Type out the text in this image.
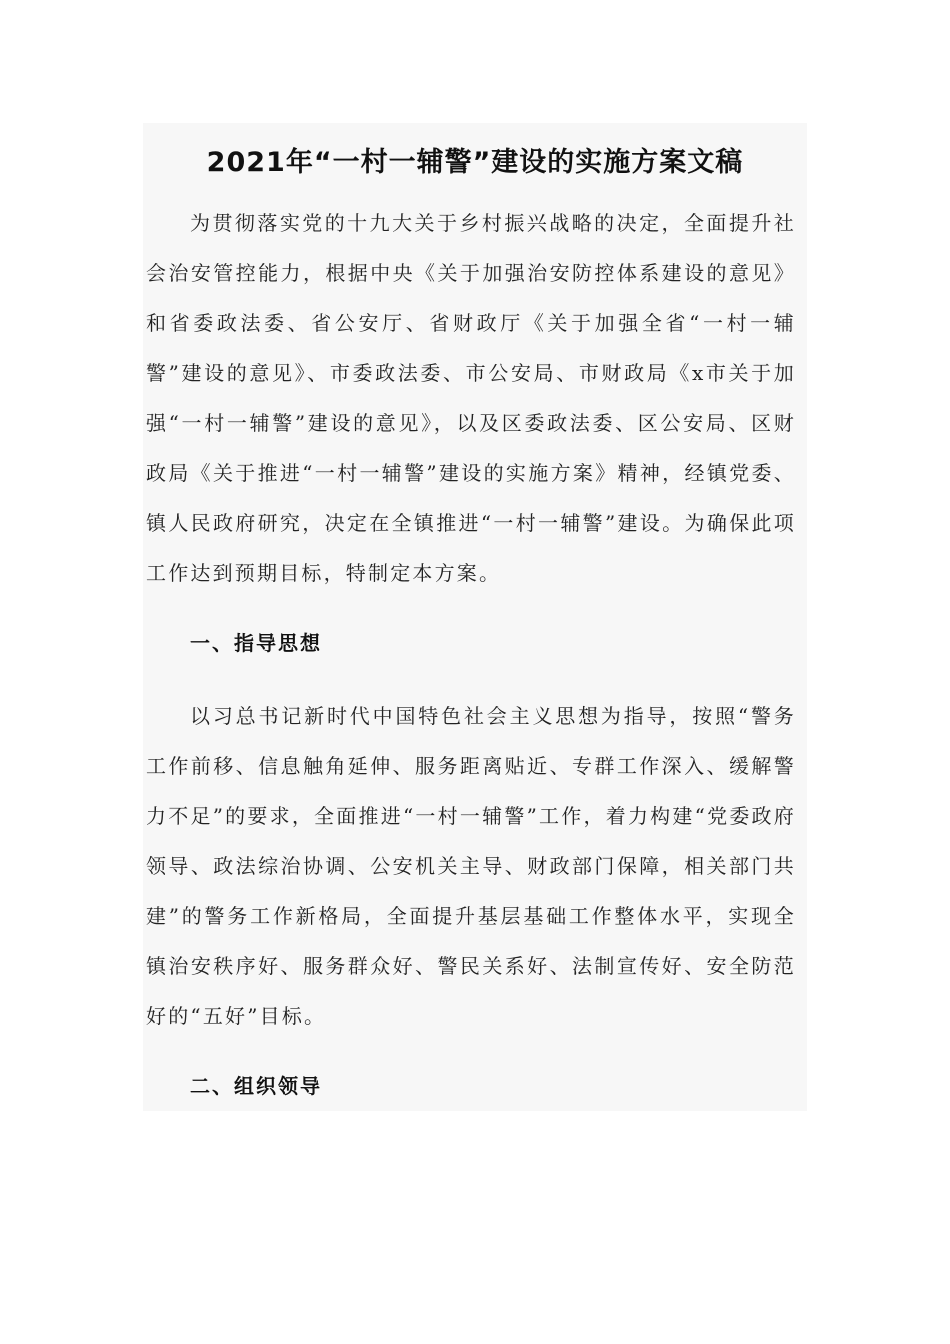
2021年“一村一辅警”建设的实施方案文稿

为贯彻落实党的十九大关于乡村振兴战略的决定，全面提升社会治安管控能力，根据中央《关于加强治安防控体系建设的意见》和省委政法委、省公安厅、省财政厅《关于加强全省“一村一辅警”建设的意见》、市委政法委、市公安局、市财政局《x市关于加强“一村一辅警”建设的意见》，以及区委政法委、区公安局、区财政局《关于推进“一村一辅警”建设的实施方案》精神，经镇党委、镇人民政府研究，决定在全镇推进“一村一辅警”建设。为确保此项工作达到预期目标，特制定本方案。

一、指导思想

以习总书记新时代中国特色社会主义思想为指导，按照“警务工作前移、信息触角延伸、服务距离贴近、专群工作深入、缓解警力不足”的要求，全面推进“一村一辅警”工作，着力构建“党委政府领导、政法综治协调、公安机关主导、财政部门保障，相关部门共建”的警务工作新格局，全面提升基层基础工作整体水平，实现全镇治安秩序好、服务群众好、警民关系好、法制宣传好、安全防范好的“五好”目标。

二、组织领导
